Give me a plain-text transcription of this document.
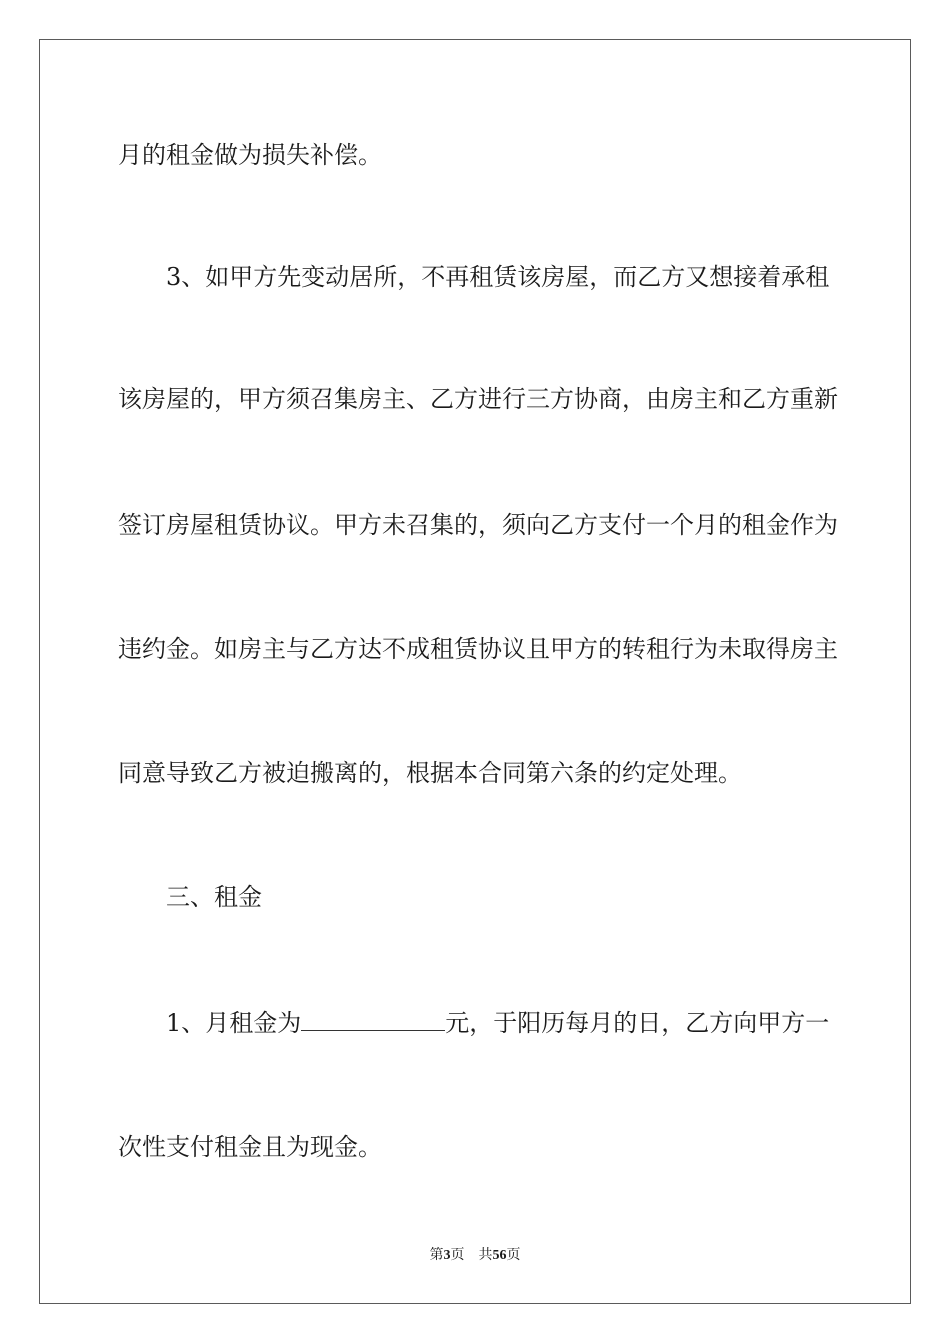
月的租金做为损失补偿。

3、如甲方先变动居所，不再租赁该房屋，而乙方又想接着承租

该房屋的，甲方须召集房主、乙方进行三方协商，由房主和乙方重新

签订房屋租赁协议。甲方未召集的，须向乙方支付一个月的租金作为

违约金。如房主与乙方达不成租赁协议且甲方的转租行为未取得房主

同意导致乙方被迫搬离的，根据本合同第六条的约定处理。

三、租金

1、月租金为	元，于阳历每月的日，乙方向甲方一

次性支付租金且为现金。

第3页 共56页
